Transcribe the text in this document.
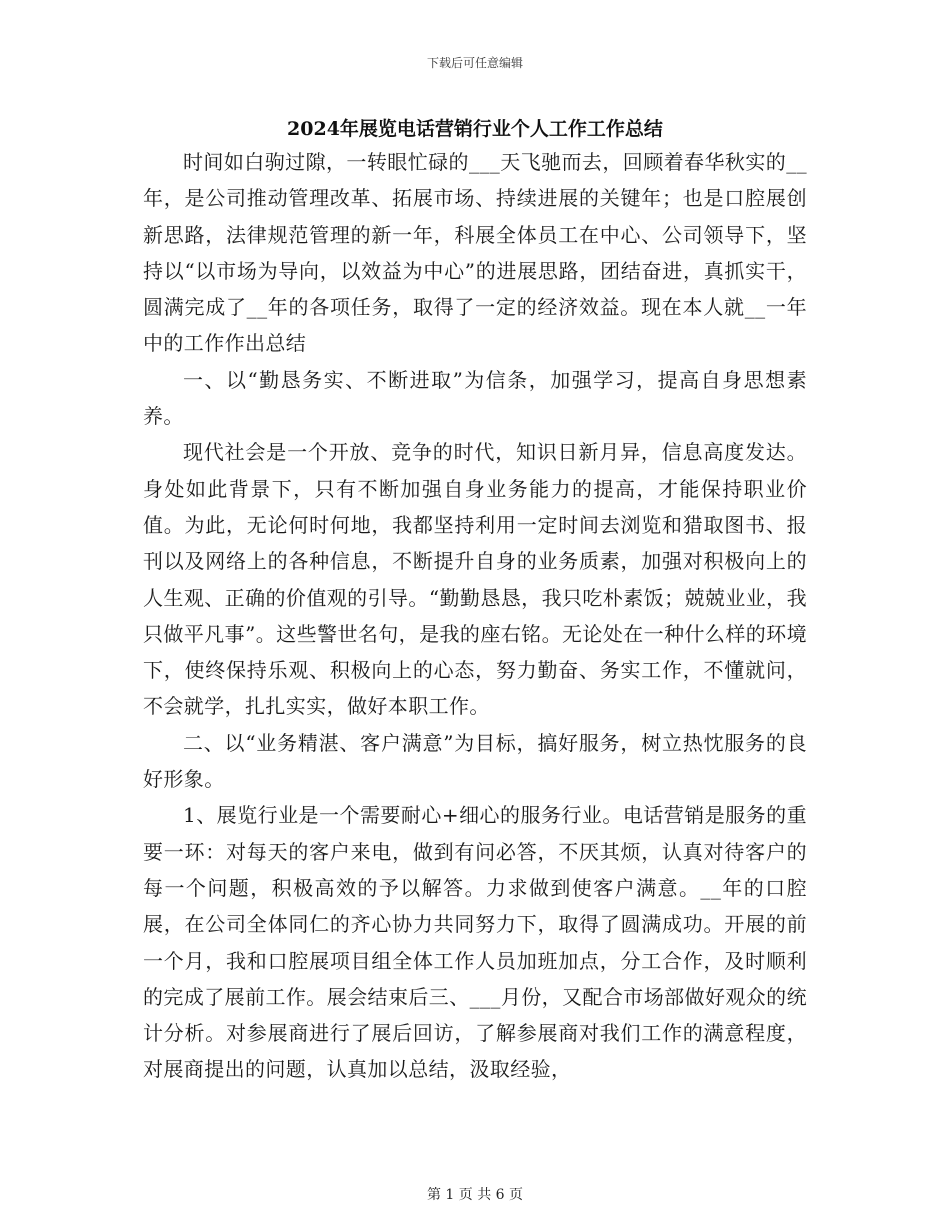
下载后可任意编辑
2024年展览电话营销行业个人工作工作总结

时间如白驹过隙，一转眼忙碌的___天飞驰而去，回顾着春华秋实的__年，是公司推动管理改革、拓展市场、持续进展的关键年；也是口腔展创新思路，法律规范管理的新一年，科展全体员工在中心、公司领导下，坚持以“以市场为导向，以效益为中心”的进展思路，团结奋进，真抓实干，圆满完成了__年的各项任务，取得了一定的经济效益。现在本人就__一年中的工作作出总结

一、以“勤恳务实、不断进取”为信条，加强学习，提高自身思想素养。

现代社会是一个开放、竞争的时代，知识日新月异，信息高度发达。身处如此背景下，只有不断加强自身业务能力的提高，才能保持职业价值。为此，无论何时何地，我都坚持利用一定时间去浏览和猎取图书、报刊以及网络上的各种信息，不断提升自身的业务质素，加强对积极向上的人生观、正确的价值观的引导。“勤勤恳恳，我只吃朴素饭；兢兢业业，我只做平凡事”。这些警世名句，是我的座右铭。无论处在一种什么样的环境下，使终保持乐观、积极向上的心态，努力勤奋、务实工作，不懂就问，不会就学，扎扎实实，做好本职工作。

二、以“业务精湛、客户满意”为目标，搞好服务，树立热忱服务的良好形象。

1、展览行业是一个需要耐心+细心的服务行业。电话营销是服务的重要一环：对每天的客户来电，做到有问必答，不厌其烦，认真对待客户的每一个问题，积极高效的予以解答。力求做到使客户满意。__年的口腔展，在公司全体同仁的齐心协力共同努力下，取得了圆满成功。开展的前一个月，我和口腔展项目组全体工作人员加班加点，分工合作，及时顺利的完成了展前工作。展会结束后三、___月份，又配合市场部做好观众的统计分析。对参展商进行了展后回访，了解参展商对我们工作的满意程度，对展商提出的问题，认真加以总结，汲取经验，

第 1 页 共 6 页
